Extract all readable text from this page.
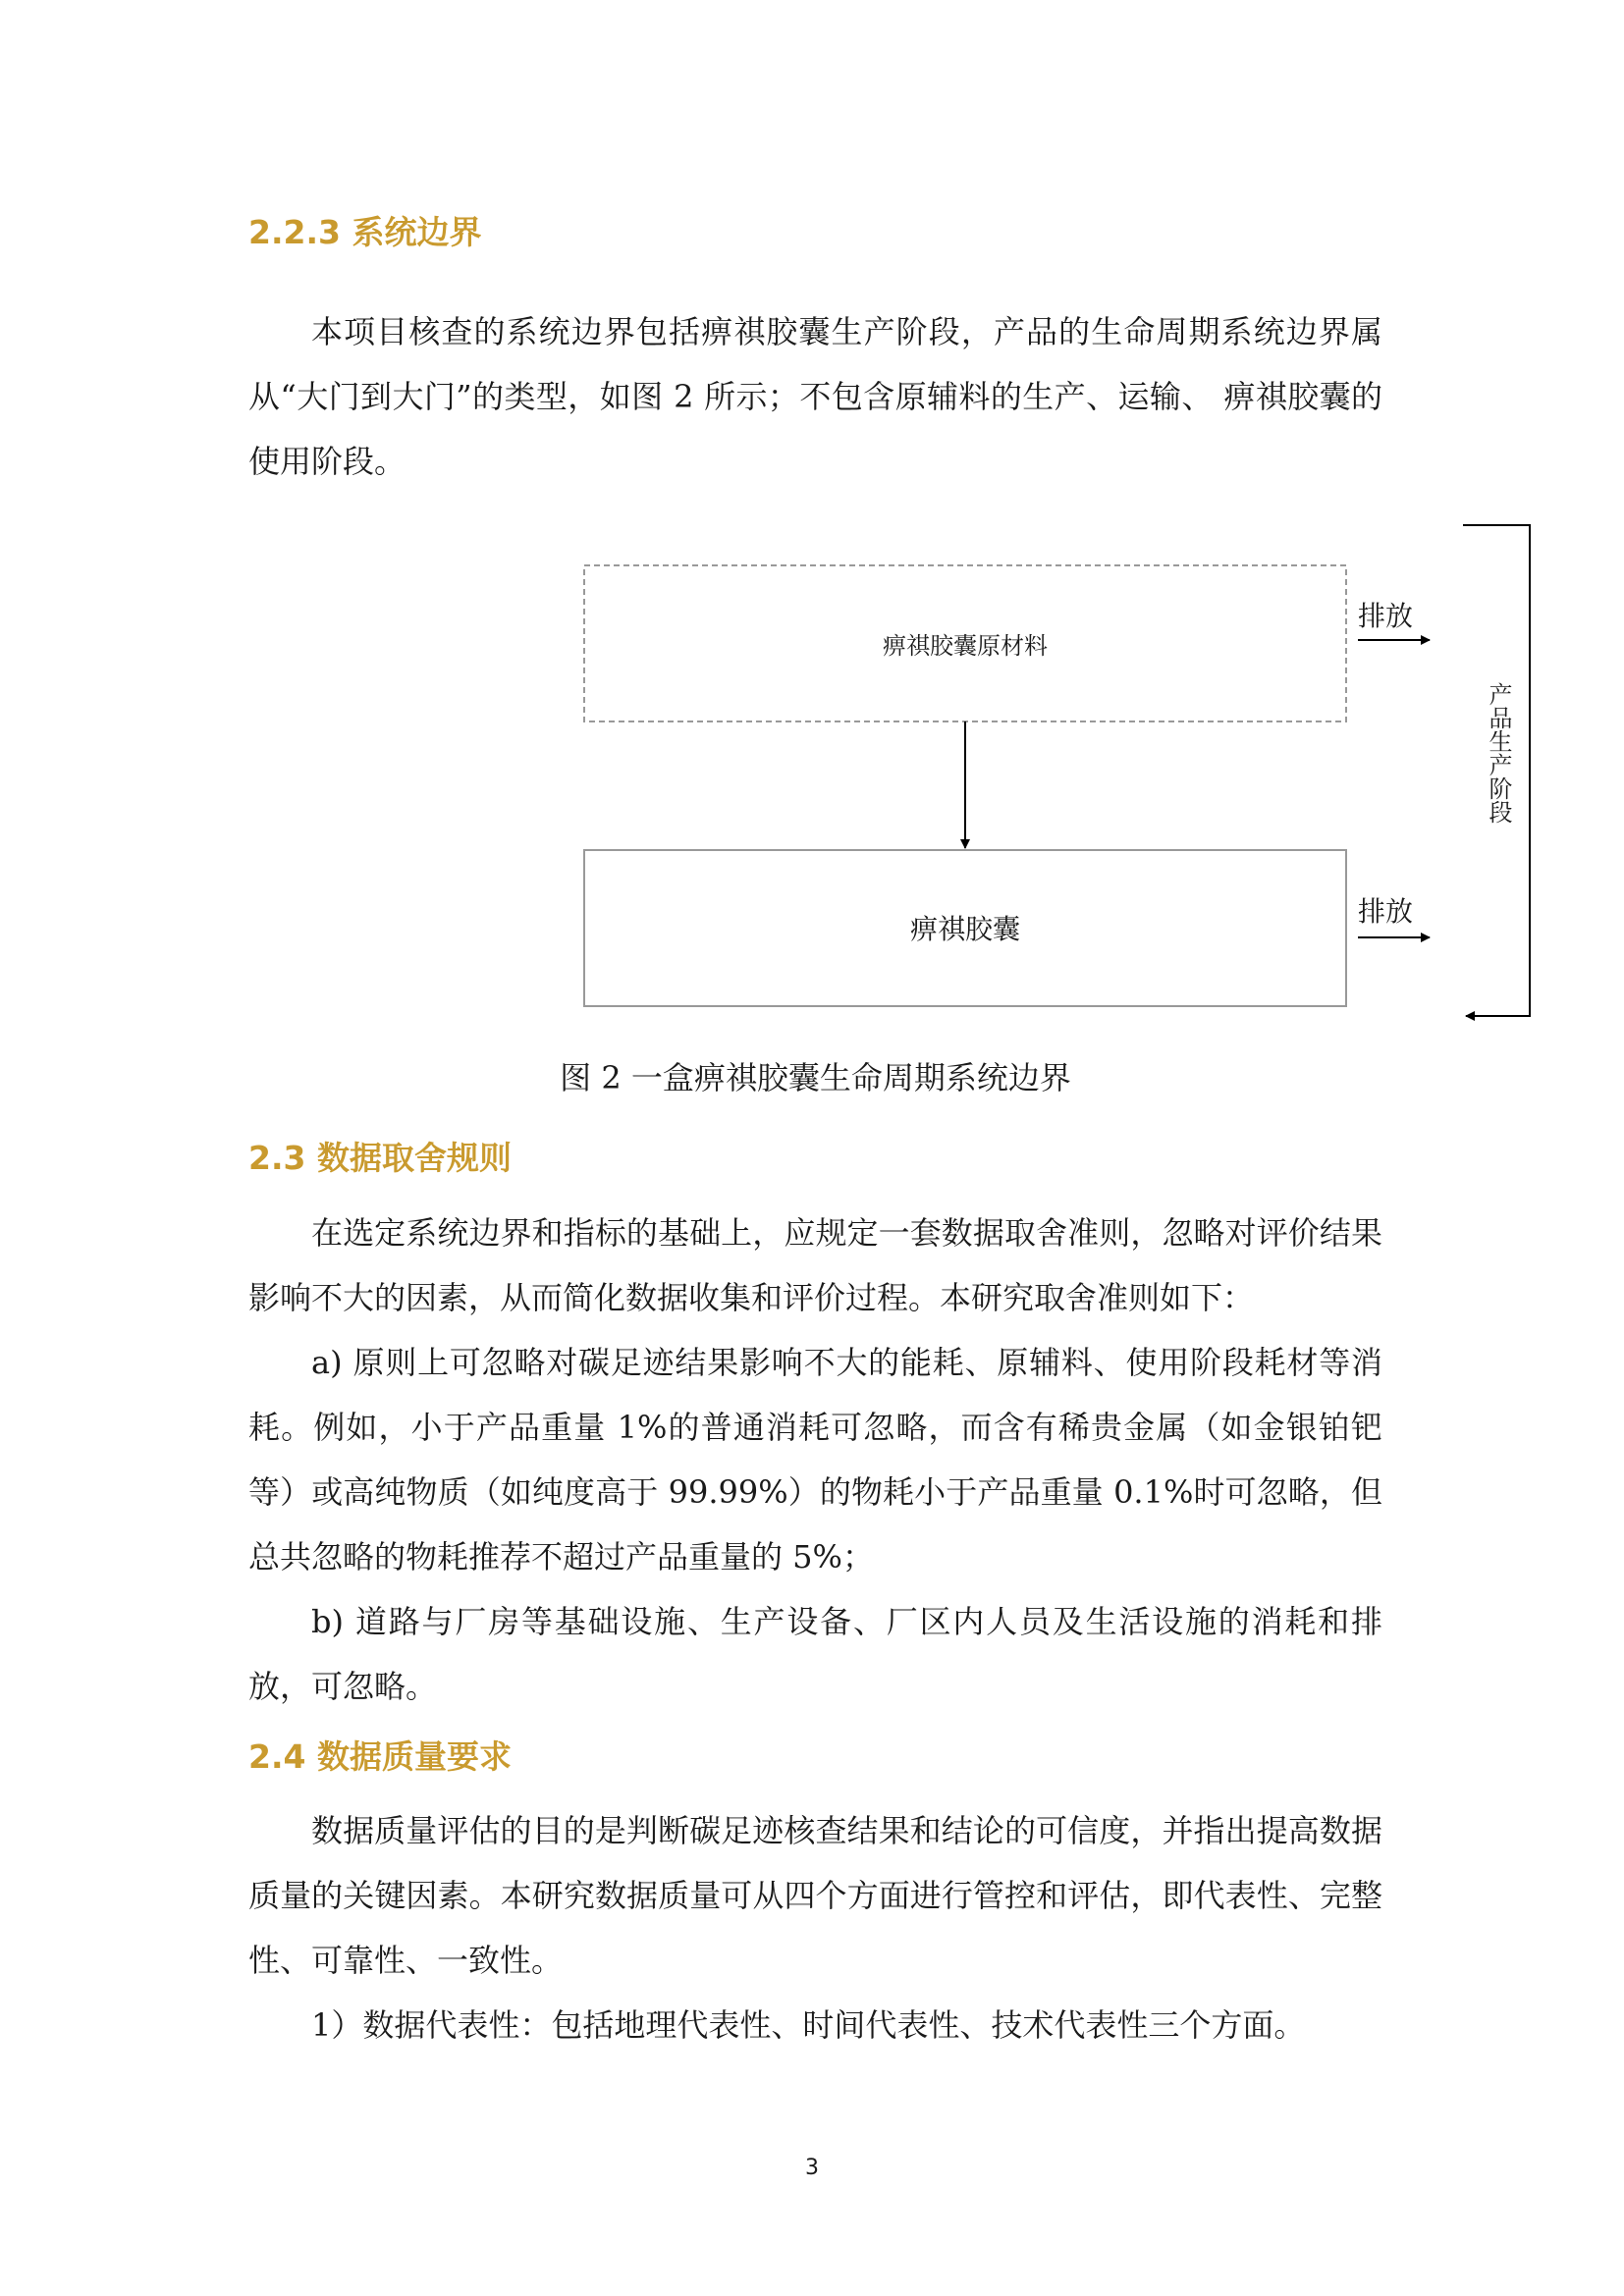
2.2.3 系统边界

本项目核查的系统边界包括痹祺胶囊生产阶段，产品的生命周期系统边界属从“大门到大门”的类型，如图 2 所示；不包含原辅料的生产、运输、 痹祺胶囊的使用阶段。

痹祺胶囊原材料
痹祺胶囊
排放
排放
产品生产阶段

图 2 一盒痹祺胶囊生命周期系统边界

2.3 数据取舍规则

在选定系统边界和指标的基础上，应规定一套数据取舍准则，忽略对评价结果影响不大的因素，从而简化数据收集和评价过程。本研究取舍准则如下：

a) 原则上可忽略对碳足迹结果影响不大的能耗、原辅料、使用阶段耗材等消耗。例如，小于产品重量 1%的普通消耗可忽略，而含有稀贵金属（如金银铂钯等）或高纯物质（如纯度高于 99.99%）的物耗小于产品重量 0.1%时可忽略，但总共忽略的物耗推荐不超过产品重量的 5%；

b) 道路与厂房等基础设施、生产设备、厂区内人员及生活设施的消耗和排放，可忽略。

2.4 数据质量要求

数据质量评估的目的是判断碳足迹核查结果和结论的可信度，并指出提高数据质量的关键因素。本研究数据质量可从四个方面进行管控和评估，即代表性、完整性、可靠性、一致性。

1）数据代表性：包括地理代表性、时间代表性、技术代表性三个方面。

3
